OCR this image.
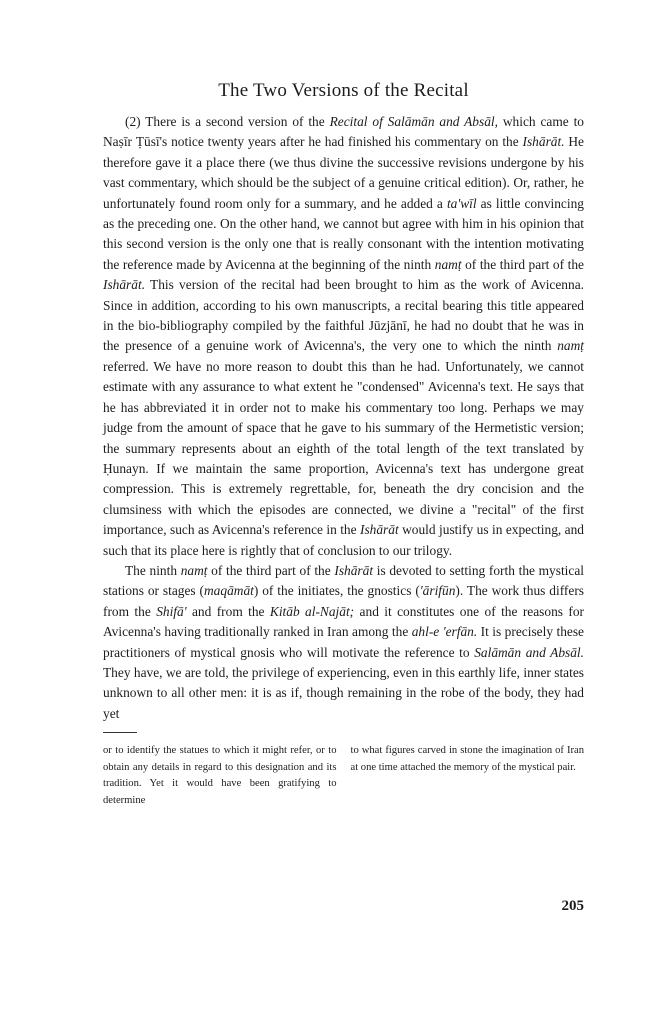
The Two Versions of the Recital

(2) There is a second version of the Recital of Salāmān and Absāl, which came to Naṣīr Ṭūsī's notice twenty years after he had finished his commentary on the Ishārāt. He therefore gave it a place there (we thus divine the successive revisions undergone by his vast commentary, which should be the subject of a genuine critical edition). Or, rather, he unfortunately found room only for a summary, and he added a ta'wīl as little convincing as the preceding one. On the other hand, we cannot but agree with him in his opinion that this second version is the only one that is really consonant with the intention motivating the reference made by Avicenna at the beginning of the ninth namṭ of the third part of the Ishārāt. This version of the recital had been brought to him as the work of Avicenna. Since in addition, according to his own manuscripts, a recital bearing this title appeared in the bio-bibliography compiled by the faithful Jūzjānī, he had no doubt that he was in the presence of a genuine work of Avicenna's, the very one to which the ninth namṭ referred. We have no more reason to doubt this than he had. Unfortunately, we cannot estimate with any assurance to what extent he "condensed" Avicenna's text. He says that he has abbreviated it in order not to make his commentary too long. Perhaps we may judge from the amount of space that he gave to his summary of the Hermetistic version; the summary represents about an eighth of the total length of the text translated by Ḥunayn. If we maintain the same proportion, Avicenna's text has undergone great compression. This is extremely regrettable, for, beneath the dry concision and the clumsiness with which the episodes are connected, we divine a "recital" of the first importance, such as Avicenna's reference in the Ishārāt would justify us in expecting, and such that its place here is rightly that of conclusion to our trilogy.

The ninth namṭ of the third part of the Ishārāt is devoted to setting forth the mystical stations or stages (maqāmāt) of the initiates, the gnostics ('ārifūn). The work thus differs from the Shifā' and from the Kitāb al-Najāt; and it constitutes one of the reasons for Avicenna's having traditionally ranked in Iran among the ahl-e 'erfān. It is precisely these practitioners of mystical gnosis who will motivate the reference to Salāmān and Absāl. They have, we are told, the privilege of experiencing, even in this earthly life, inner states unknown to all other men: it is as if, though remaining in the robe of the body, they had yet

or to identify the statues to which it might refer, or to obtain any details in regard to this designation and its tradition. Yet it would have been gratifying to determine
to what figures carved in stone the imagination of Iran at one time attached the memory of the mystical pair.
205
